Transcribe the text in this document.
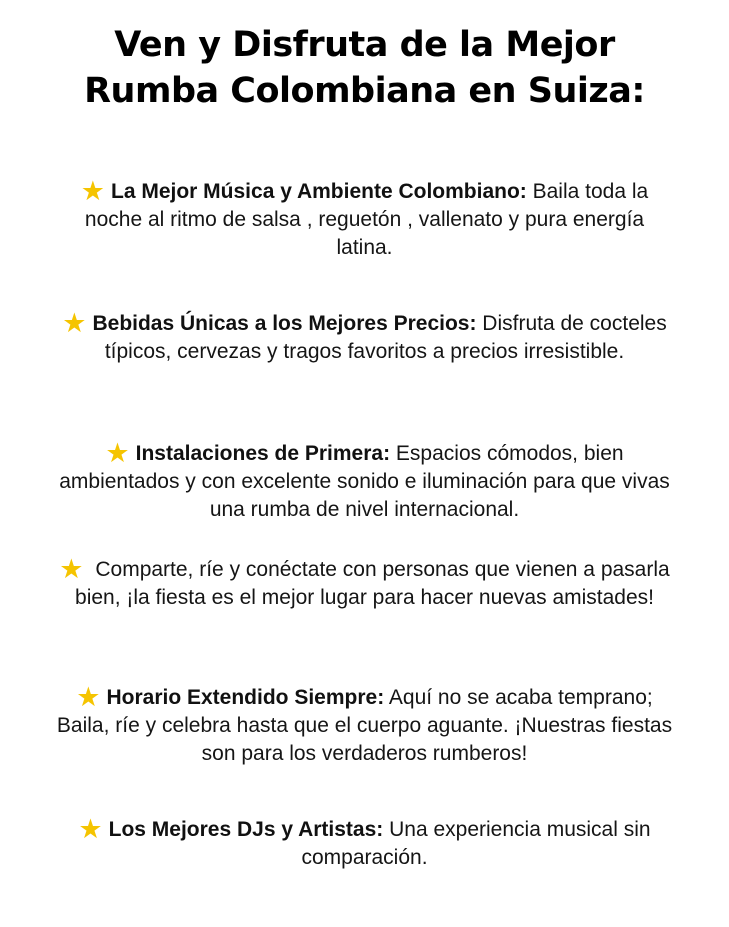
Ven y Disfruta de la Mejor
Rumba Colombiana en Suiza:
★ La Mejor Música y Ambiente Colombiano: Baila toda la noche al ritmo de salsa , reguetón , vallenato y pura energía latina.
★ Bebidas Únicas a los Mejores Precios: Disfruta de cocteles típicos, cervezas y tragos favoritos a precios irresistible.
★ Instalaciones de Primera: Espacios cómodos, bien ambientados y con excelente sonido e iluminación para que vivas una rumba de nivel internacional.
★ Comparte, ríe y conéctate con personas que vienen a pasarla bien, ¡la fiesta es el mejor lugar para hacer nuevas amistades!
★ Horario Extendido Siempre: Aquí no se acaba temprano; Baila, ríe y celebra hasta que el cuerpo aguante. ¡Nuestras fiestas son para los verdaderos rumberos!
★ Los Mejores DJs y Artistas: Una experiencia musical sin comparación.
